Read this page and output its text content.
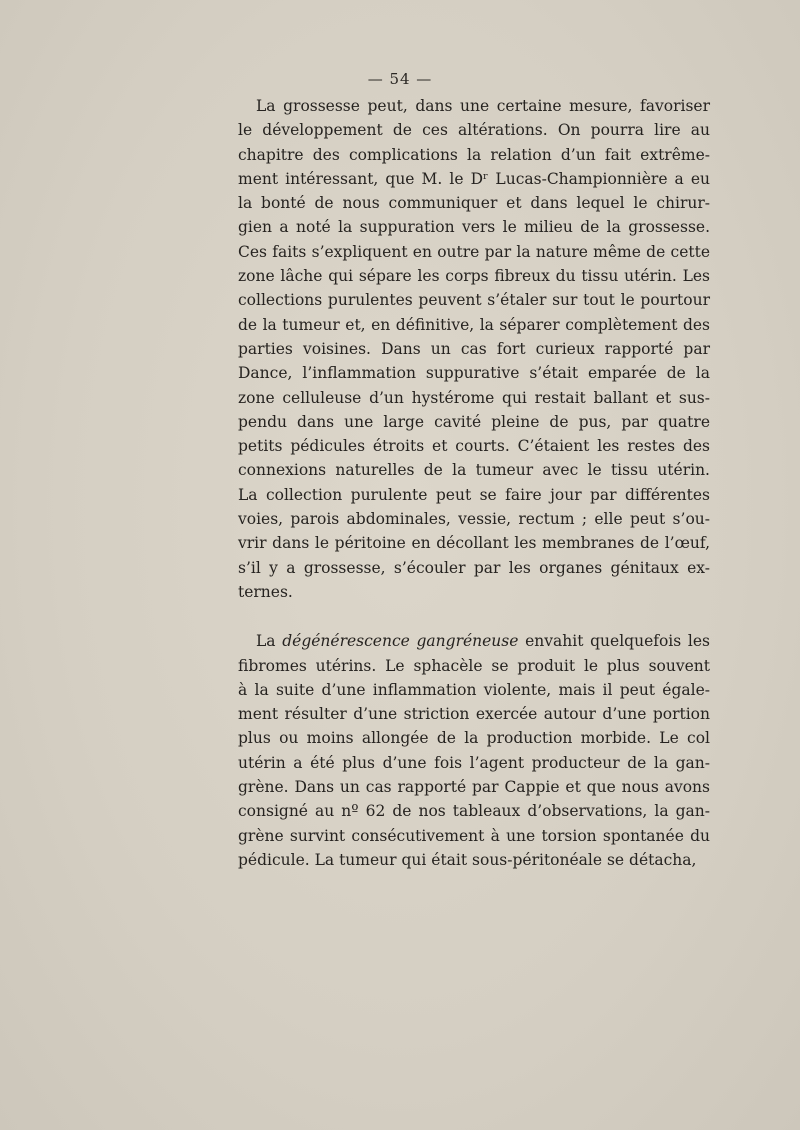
— 54 —
La grossesse peut, dans une certaine mesure, favoriser
le développement de ces altérations. On pourra lire au
chapitre des complications la relation d’un fait extrême-
ment intéressant, que M. le Dʳ Lucas-Championnière a eu
la bonté de nous communiquer et dans lequel le chirur-
gien a noté la suppuration vers le milieu de la grossesse.
Ces faits s’expliquent en outre par la nature même de cette
zone lâche qui sépare les corps fibreux du tissu utérin. Les
collections purulentes peuvent s’étaler sur tout le pourtour
de la tumeur et, en définitive, la séparer complètement des
parties voisines. Dans un cas fort curieux rapporté par
Dance, l’inflammation suppurative s’était emparée de la
zone celluleuse d’un hystérome qui restait ballant et sus-
pendu dans une large cavité pleine de pus, par quatre
petits pédicules étroits et courts. C’étaient les restes des
connexions naturelles de la tumeur avec le tissu utérin.
La collection purulente peut se faire jour par différentes
voies, parois abdominales, vessie, rectum ; elle peut s’ou-
vrir dans le péritoine en décollant les membranes de l’œuf,
s’il y a grossesse, s’écouler par les organes génitaux ex-
ternes.
La dégénérescence gangréneuse envahit quelquefois les
fibromes utérins. Le sphacèle se produit le plus souvent
à la suite d’une inflammation violente, mais il peut égale-
ment résulter d’une striction exercée autour d’une portion
plus ou moins allongée de la production morbide. Le col
utérin a été plus d’une fois l’agent producteur de la gan-
grène. Dans un cas rapporté par Cappie et que nous avons
consigné au nº 62 de nos tableaux d’observations, la gan-
grène survint consécutivement à une torsion spontanée du
pédicule. La tumeur qui était sous-péritonéale se détacha,
